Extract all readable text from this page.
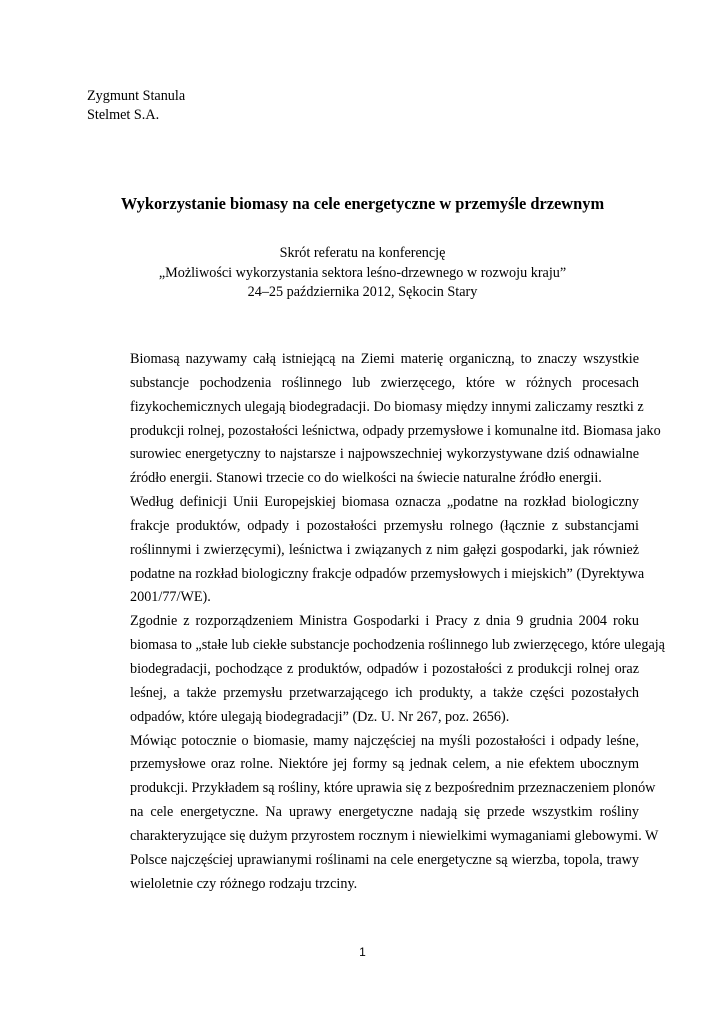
Zygmunt Stanula
Stelmet S.A.
Wykorzystanie biomasy na cele energetyczne w przemyśle drzewnym
Skrót referatu na konferencję
„Możliwości wykorzystania sektora leśno-drzewnego w rozwoju kraju”
24–25 października 2012, Sękocin Stary
Biomasą nazywamy całą istniejącą na Ziemi materię organiczną, to znaczy wszystkie
substancje pochodzenia roślinnego lub zwierzęcego, które w różnych procesach
fizykochemicznych ulegają biodegradacji. Do biomasy między innymi zaliczamy resztki z
produkcji rolnej, pozostałości leśnictwa, odpady przemysłowe i komunalne itd. Biomasa jako
surowiec energetyczny to najstarsze i najpowszechniej wykorzystywane dziś odnawialne
źródło energii. Stanowi trzecie co do wielkości na świecie naturalne źródło energii.
Według definicji Unii Europejskiej biomasa oznacza „podatne na rozkład biologiczny
frakcje produktów, odpady i pozostałości przemysłu rolnego (łącznie z substancjami
roślinnymi i zwierzęcymi), leśnictwa i związanych z nim gałęzi gospodarki, jak również
podatne na rozkład biologiczny frakcje odpadów przemysłowych i miejskich” (Dyrektywa
2001/77/WE).
Zgodnie z rozporządzeniem Ministra Gospodarki i Pracy z dnia 9 grudnia 2004 roku
biomasa to „stałe lub ciekłe substancje pochodzenia roślinnego lub zwierzęcego, które ulegają
biodegradacji, pochodzące z produktów, odpadów i pozostałości z produkcji rolnej oraz
leśnej, a także przemysłu przetwarzającego ich produkty, a także części pozostałych
odpadów, które ulegają biodegradacji” (Dz. U. Nr 267, poz. 2656).
Mówiąc potocznie o biomasie, mamy najczęściej na myśli pozostałości i odpady leśne,
przemysłowe oraz rolne. Niektóre jej formy są jednak celem, a nie efektem ubocznym
produkcji. Przykładem są rośliny, które uprawia się z bezpośrednim przeznaczeniem plonów
na cele energetyczne. Na uprawy energetyczne nadają się przede wszystkim rośliny
charakteryzujące się dużym przyrostem rocznym i niewielkimi wymaganiami glebowymi. W
Polsce najczęściej uprawianymi roślinami na cele energetyczne są wierzba, topola, trawy
wieloletnie czy różnego rodzaju trzciny.
1
